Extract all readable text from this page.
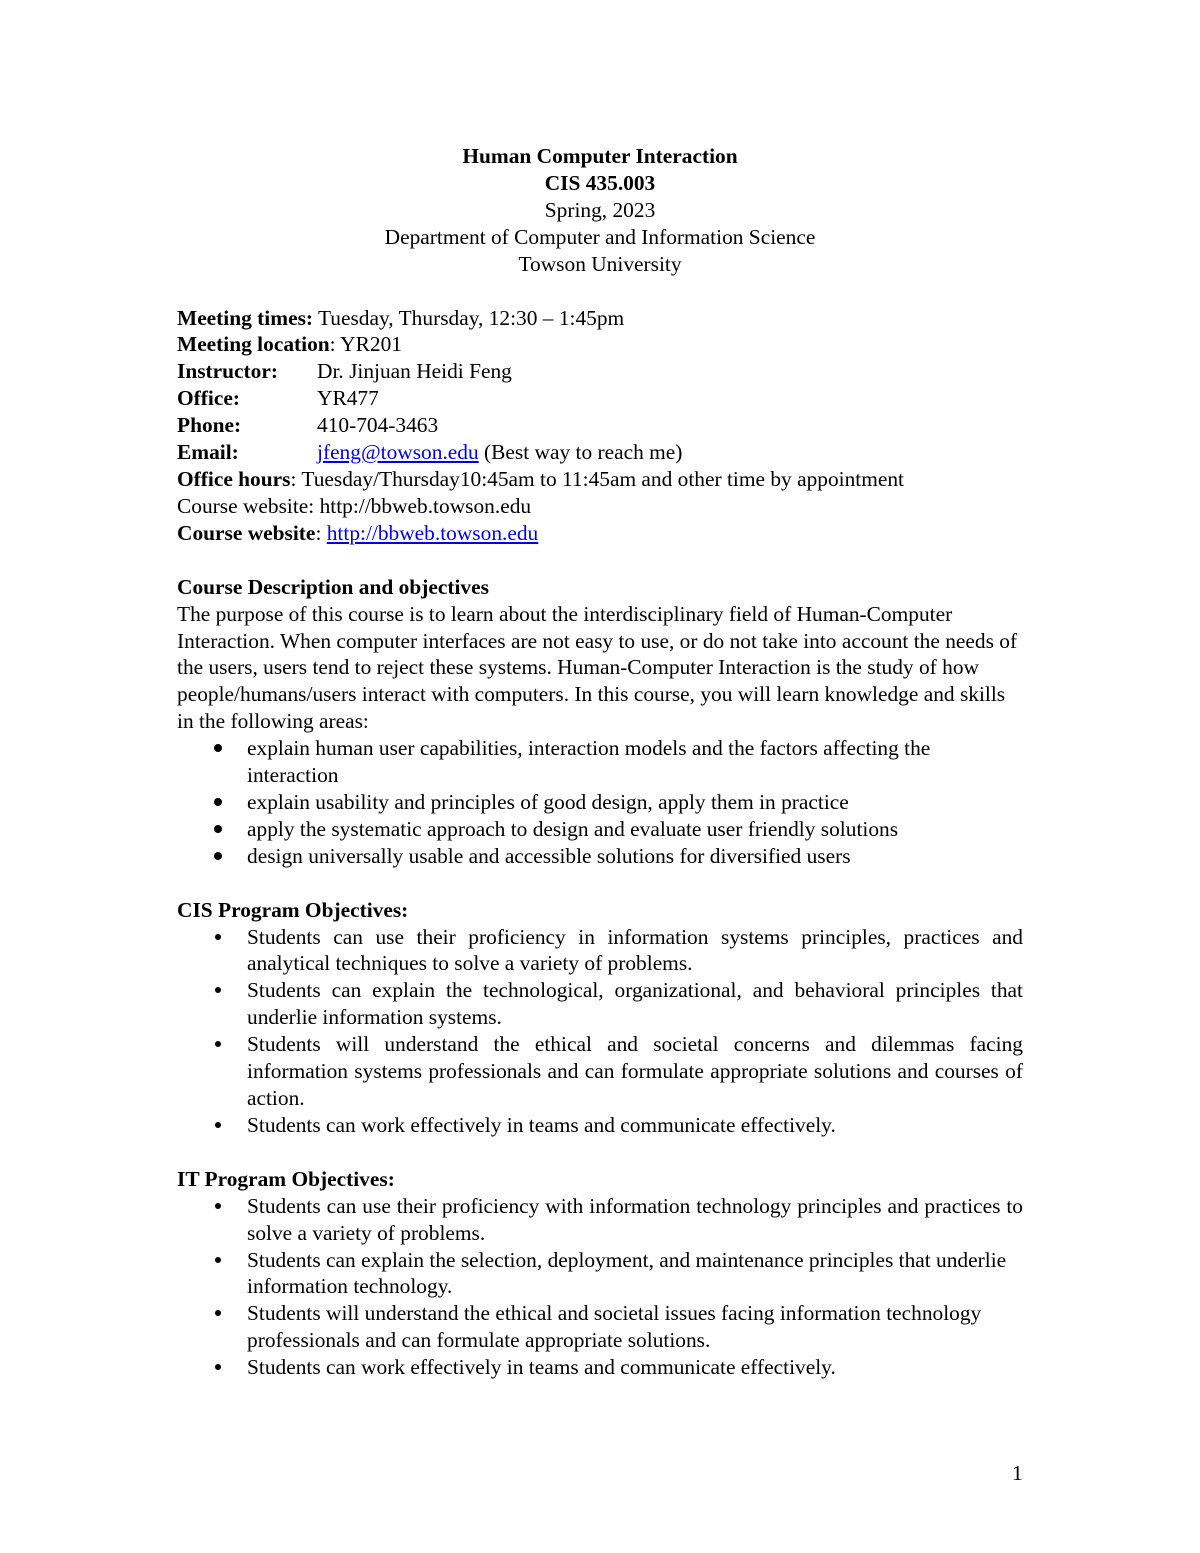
Human Computer Interaction
CIS 435.003
Spring, 2023
Department of Computer and Information Science
Towson University
Meeting times: Tuesday, Thursday, 12:30 – 1:45pm
Meeting location: YR201
Instructor: Dr. Jinjuan Heidi Feng
Office:	YR477
Phone:	410-704-3463
Email:	jfeng@towson.edu (Best way to reach me)
Office hours: Tuesday/Thursday10:45am to 11:45am and other time by appointment
Course website: http://bbweb.towson.edu
Course website: http://bbweb.towson.edu

Course Description and objectives

The purpose of this course is to learn about the interdisciplinary field of Human-Computer Interaction. When computer interfaces are not easy to use, or do not take into account the needs of the users, users tend to reject these systems. Human-Computer Interaction is the study of how people/humans/users interact with computers. In this course, you will learn knowledge and skills in the following areas:

explain human user capabilities, interaction models and the factors affecting the interaction
explain usability and principles of good design, apply them in practice
apply the systematic approach to design and evaluate user friendly solutions
design universally usable and accessible solutions for diversified users

CIS Program Objectives:

Students can use their proficiency in information systems principles, practices and analytical techniques to solve a variety of problems.
Students can explain the technological, organizational, and behavioral principles that underlie information systems.
Students will understand the ethical and societal concerns and dilemmas facing information systems professionals and can formulate appropriate solutions and courses of action.
Students can work effectively in teams and communicate effectively.

IT Program Objectives:

Students can use their proficiency with information technology principles and practices to solve a variety of problems.
Students can explain the selection, deployment, and maintenance principles that underlie information technology.
Students will understand the ethical and societal issues facing information technology professionals and can formulate appropriate solutions.
Students can work effectively in teams and communicate effectively.
1
